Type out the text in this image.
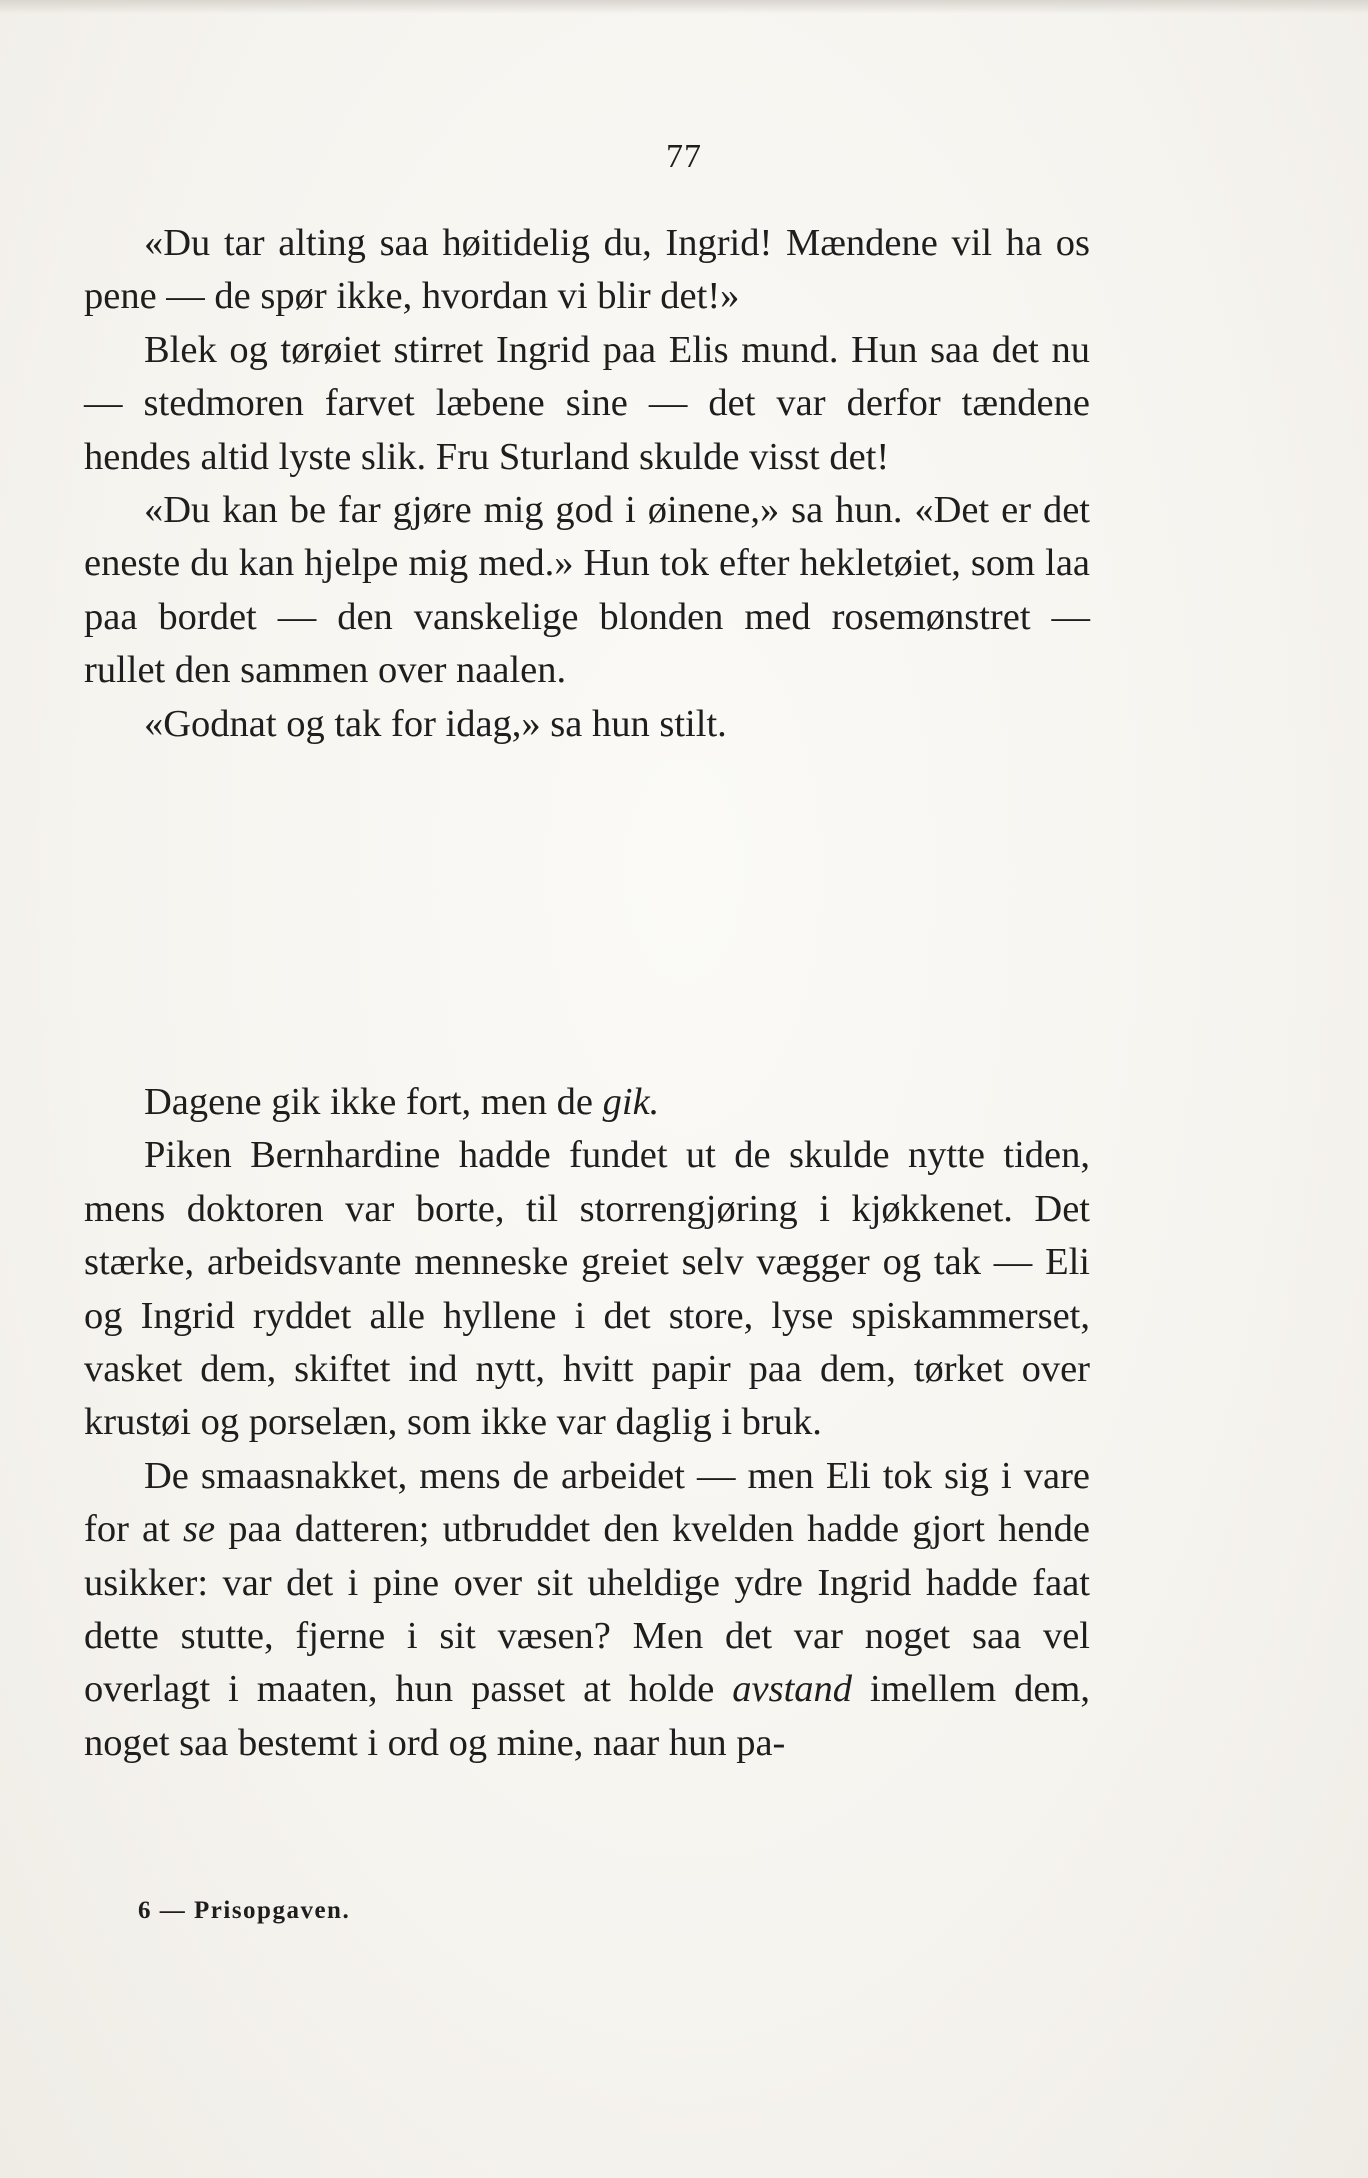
77

«Du tar alting saa høitidelig du, Ingrid! Mændene vil ha os pene — de spør ikke, hvordan vi blir det!»

Blek og tørøiet stirret Ingrid paa Elis mund. Hun saa det nu — stedmoren farvet læbene sine — det var derfor tændene hendes altid lyste slik. Fru Sturland skulde visst det!

«Du kan be far gjøre mig god i øinene,» sa hun. «Det er det eneste du kan hjelpe mig med.» Hun tok efter hekletøiet, som laa paa bordet — den vanskelige blonden med rosemønstret — rullet den sammen over naalen.

«Godnat og tak for idag,» sa hun stilt.

Dagene gik ikke fort, men de gik.

Piken Bernhardine hadde fundet ut de skulde nytte tiden, mens doktoren var borte, til storrengjøring i kjøkkenet. Det stærke, arbeidsvante menneske greiet selv vægger og tak — Eli og Ingrid ryddet alle hyllene i det store, lyse spiskammerset, vasket dem, skiftet ind nytt, hvitt papir paa dem, tørket over krustøi og porselæn, som ikke var daglig i bruk.

De smaasnakket, mens de arbeidet — men Eli tok sig i vare for at se paa datteren; utbruddet den kvelden hadde gjort hende usikker: var det i pine over sit uheldige ydre Ingrid hadde faat dette stutte, fjerne i sit væsen? Men det var noget saa vel overlagt i maaten, hun passet at holde avstand imellem dem, noget saa bestemt i ord og mine, naar hun pa-

6 — Prisopgaven.
